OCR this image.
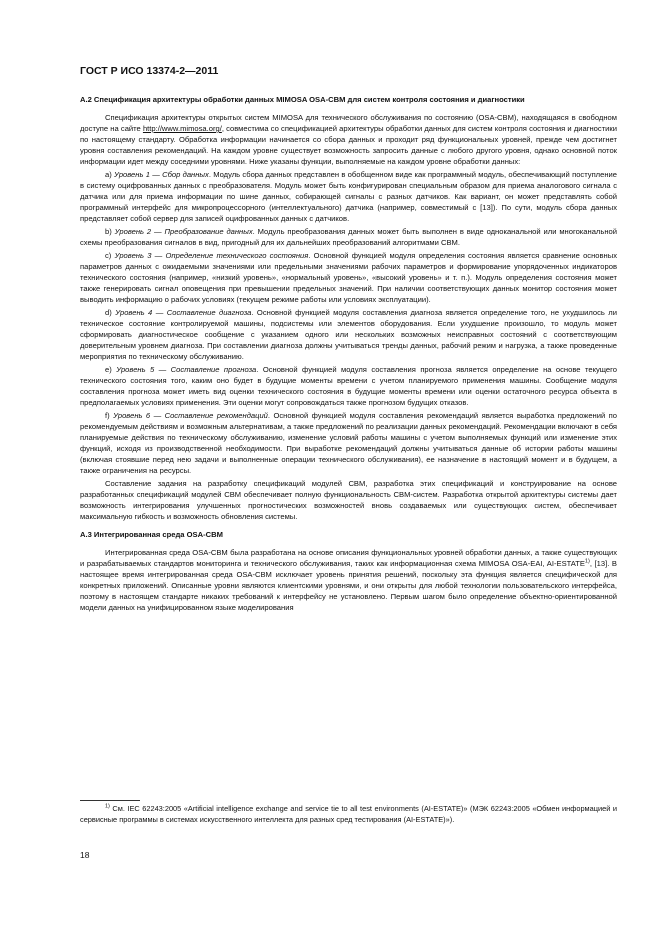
ГОСТ Р ИСО 13374-2—2011
А.2 Спецификация архитектуры обработки данных MIMOSA OSA-CBM для систем контроля состояния и диагностики

Спецификация архитектуры открытых систем MIMOSA для технического обслуживания по состоянию (OSA-CBM), находящаяся в свободном доступе на сайте http://www.mimosa.org/, совместима со спецификацией архитектуры обработки данных для систем контроля состояния и диагностики по настоящему стандарту. Обработка информации начинается со сбора данных и проходит ряд функциональных уровней, прежде чем достигнет уровня составления рекомендаций. На каждом уровне существует возможность запросить данные с любого другого уровня, однако основной поток информации идет между соседними уровнями. Ниже указаны функции, выполняемые на каждом уровне обработки данных:

а) Уровень 1 — Сбор данных. Модуль сбора данных представлен в обобщенном виде как программный модуль, обеспечивающий поступление в систему оцифрованных данных с преобразователя. Модуль может быть конфигурирован специальным образом для приема аналогового сигнала с датчика или для приема информации по шине данных, собирающей сигналы с разных датчиков. Как вариант, он может представлять собой программный интерфейс для микропроцессорного (интеллектуального) датчика (например, совместимый с [13]). По сути, модуль сбора данных представляет собой сервер для записей оцифрованных данных с датчиков.

b) Уровень 2 — Преобразование данных. Модуль преобразования данных может быть выполнен в виде одноканальной или многоканальной схемы преобразования сигналов в вид, пригодный для их дальнейших преобразований алгоритмами СВМ.

c) Уровень 3 — Определение технического состояния. Основной функцией модуля определения состояния является сравнение основных параметров данных с ожидаемыми значениями или предельными значениями рабочих параметров и формирование упорядоченных индикаторов технического состояния (например, «низкий уровень», «нормальный уровень», «высокий уровень» и т. п.). Модуль определения состояния может также генерировать сигнал оповещения при превышении предельных значений. При наличии соответствующих данных монитор состояния может выводить информацию о рабочих условиях (текущем режиме работы или условиях эксплуатации).

d) Уровень 4 — Составление диагноза. Основной функцией модуля составления диагноза является определение того, не ухудшилось ли техническое состояние контролируемой машины, подсистемы или элементов оборудования. Если ухудшение произошло, то модуль может сформировать диагностическое сообщение с указанием одного или нескольких возможных неисправных состояний с соответствующим доверительным уровнем диагноза. При составлении диагноза должны учитываться тренды данных, рабочий режим и нагрузка, а также проведенные мероприятия по техническому обслуживанию.

e) Уровень 5 — Составление прогноза. Основной функцией модуля составления прогноза является определение на основе текущего технического состояния того, каким оно будет в будущие моменты времени с учетом планируемого применения машины. Сообщение модуля составления прогноза может иметь вид оценки технического состояния в будущие моменты времени или оценки остаточного ресурса объекта в предполагаемых условиях применения. Эти оценки могут сопровождаться также прогнозом будущих отказов.

f) Уровень 6 — Составление рекомендаций. Основной функцией модуля составления рекомендаций является выработка предложений по рекомендуемым действиям и возможным альтернативам, а также предложений по реализации данных рекомендаций. Рекомендации включают в себя планируемые действия по техническому обслуживанию, изменение условий работы машины с учетом выполняемых функций или изменение этих функций, исходя из производственной необходимости. При выработке рекомендаций должны учитываться данные об истории работы машины (включая стоявшие перед нею задачи и выполненные операции технического обслуживания), ее назначение в настоящий момент и в будущем, а также ограничения на ресурсы.

Составление задания на разработку спецификаций модулей СВМ, разработка этих спецификаций и конструирование на основе разработанных спецификаций модулей СВМ обеспечивает полную функциональность СВМ-систем. Разработка открытой архитектуры системы дает возможность интегрирования улучшенных прогностических возможностей вновь создаваемых или существующих систем, обеспечивает максимальную гибкость и возможность обновления системы.

А.3 Интегрированная среда OSA-CBM

Интегрированная среда OSA-CBM была разработана на основе описания функциональных уровней обработки данных, а также существующих и разрабатываемых стандартов мониторинга и технического обслуживания, таких как информационная схема MIMOSA OSA-EAI, AI-ESTATE$^{1)}$, [13]. В настоящее время интегрированная среда OSA-CBM исключает уровень принятия решений, поскольку эта функция является специфической для конкретных приложений. Описанные уровни являются клиентскими уровнями, и они открыты для любой технологии пользовательского интерфейса, поэтому в настоящем стандарте никаких требований к интерфейсу не установлено. Первым шагом было определение объектно-ориентированной модели данных на унифицированном языке моделирования

$^{1)}$ См. IEC 62243:2005 «Artificial intelligence exchange and service tie to all test environments (AI-ESTATE)» (МЭК 62243:2005 «Обмен информацией и сервисные программы в системах искусственного интеллекта для разных сред тестирования (AI-ESTATE)»).
18
